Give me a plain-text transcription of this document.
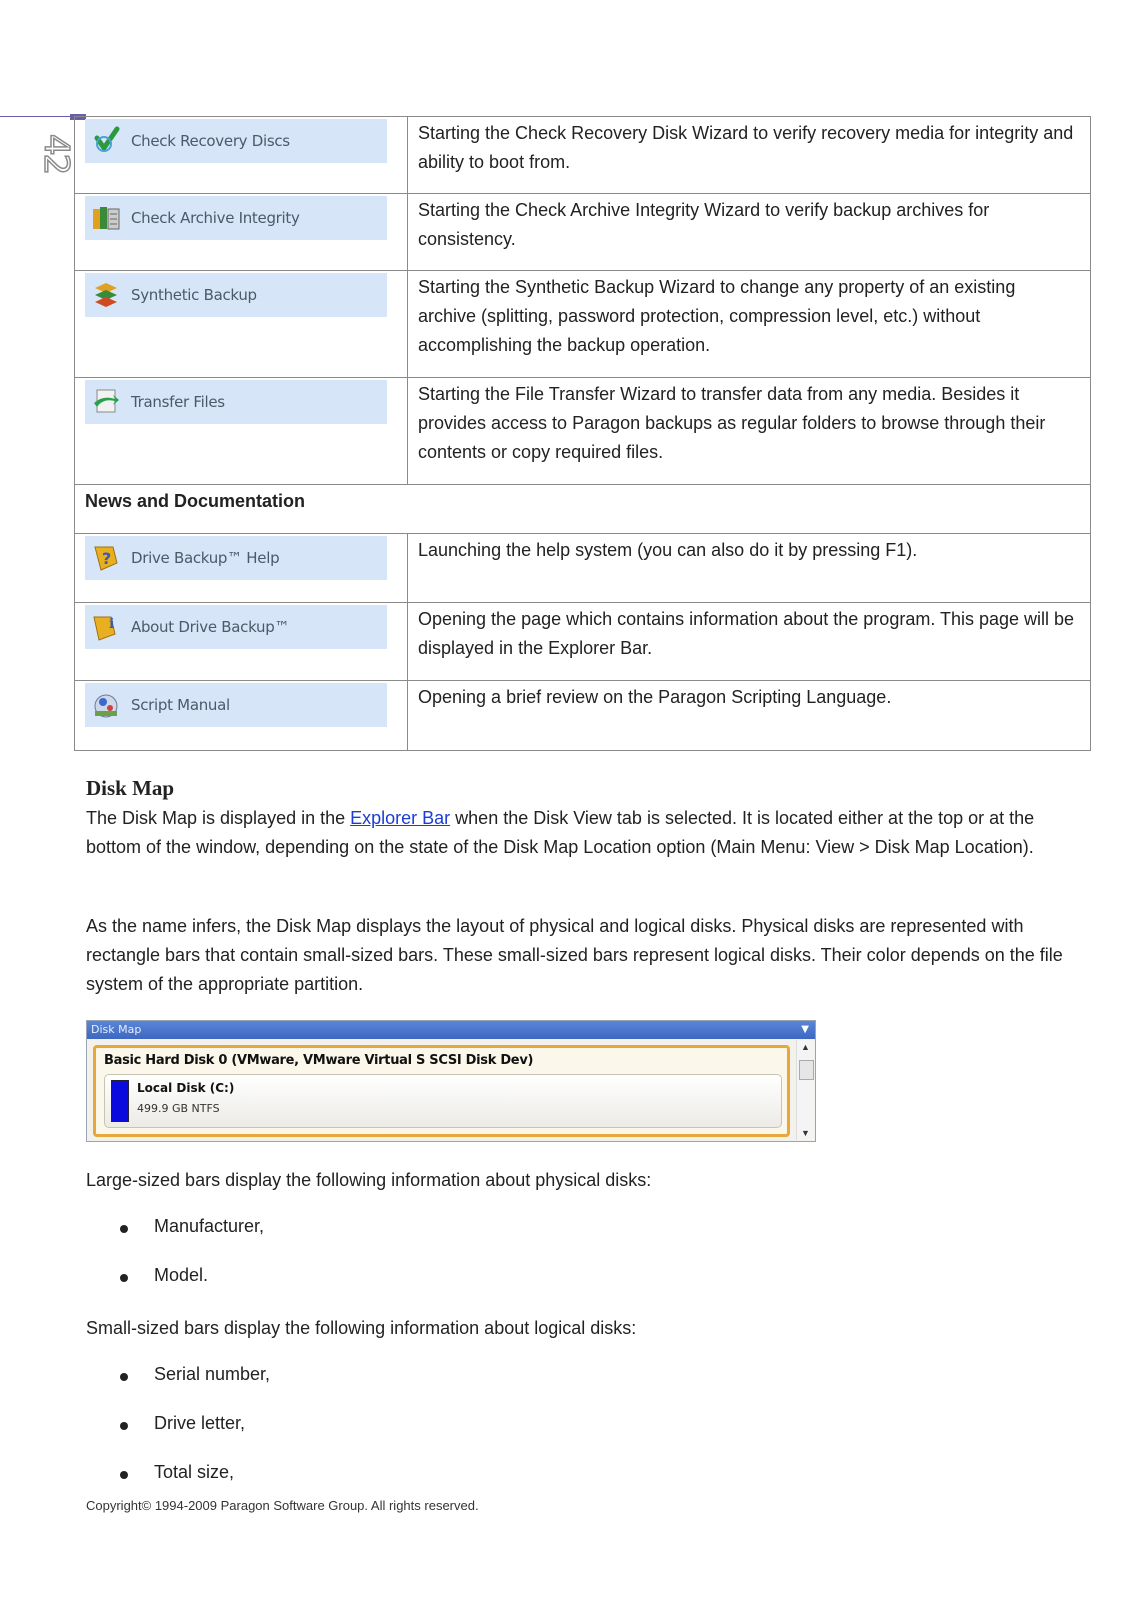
42	Check Recovery Discs	Starting the Check Recovery Disk Wizard to verify recovery media for integrity and ability to boot from.

Check Archive Integrity	Starting the Check Archive Integrity Wizard to verify backup archives for consistency.

Synthetic Backup	Starting the Synthetic Backup Wizard to change any property of an existing archive (splitting, password protection, compression level, etc.) without accomplishing the backup operation.

Transfer Files	Starting the File Transfer Wizard to transfer data from any media. Besides it provides access to Paragon backups as regular folders to browse through their contents or copy required files.
News and Documentation	

? Drive Backup™ Help	Launching the help system (you can also do it by pressing F1).

i About Drive Backup™	Opening the page which contains information about the program. This page will be displayed in the Explorer Bar.

Script Manual	Opening a brief review on the Paragon Scripting Language.
Disk Map

The Disk Map is displayed in the Explorer Bar when the Disk View tab is selected. It is located either at the top or at the bottom of the window, depending on the state of the Disk Map Location option (Main Menu: View > Disk Map Location).

As the name infers, the Disk Map displays the layout of physical and logical disks. Physical disks are represented with rectangle bars that contain small-sized bars. These small-sized bars represent logical disks. Their color depends on the file system of the appropriate partition.

Disk Map	▼
Basic Hard Disk 0 (VMware, VMware Virtual S SCSI Disk Dev)
Local Disk (C:)
499.9 GB NTFS
▲
▼

Large-sized bars display the following information about physical disks:

Manufacturer,
Model.

Small-sized bars display the following information about logical disks:

Serial number,
Drive letter,
Total size,
Copyright© 1994-2009 Paragon Software Group. All rights reserved.
